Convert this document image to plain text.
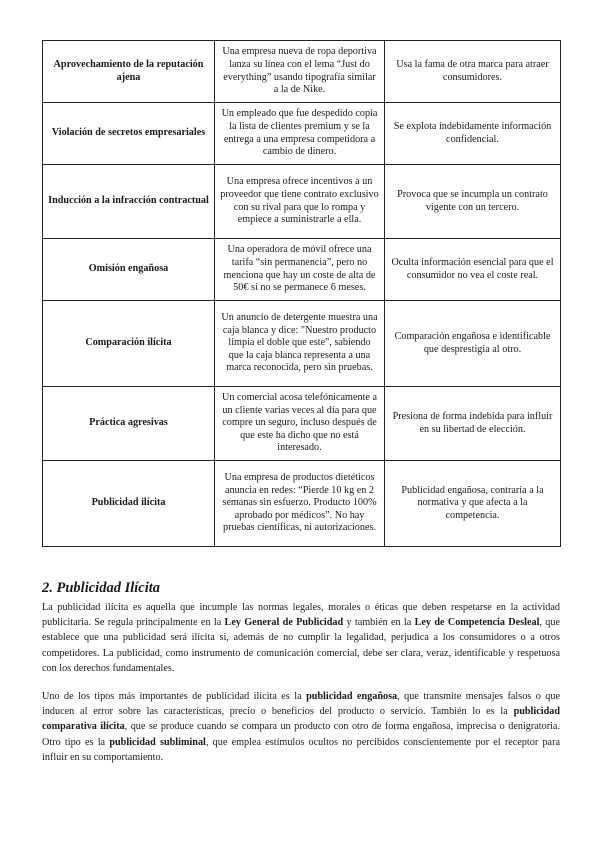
Aprovechamiento de la reputación ajena	Una empresa nueva de ropa deportiva lanza su línea con el lema “Just do everything” usando tipografía similar a la de Nike.	Usa la fama de otra marca para atraer consumidores.
Violación de secretos empresariales	Un empleado que fue despedido copia la lista de clientes premium y se la entrega a una empresa competidora a cambio de dinero.	Se explota indebidamente información confidencial.
Inducción a la infracción contractual	Una empresa ofrece incentivos a un proveedor que tiene contrato exclusivo con su rival para que lo rompa y empiece a suministrarle a ella.	Provoca que se incumpla un contrato vigente con un tercero.
Omisión engañosa	Una operadora de móvil ofrece una tarifa “sin permanencia”, pero no menciona que hay un coste de alta de 50€ si no se permanece 6 meses.	Oculta información esencial para que el consumidor no vea el coste real.
Comparación ilícita	Un anuncio de detergente muestra una caja blanca y dice: "Nuestro producto limpia el doble que este", sabiendo que la caja blanca representa a una marca reconocida, pero sin pruebas.	Comparación engañosa e identificable que desprestigia al otro.
Práctica agresivas	Un comercial acosa telefónicamente a un cliente varias veces al día para que compre un seguro, incluso después de que este ha dicho que no está interesado.	Presiona de forma indebida para influir en su libertad de elección.
Publicidad ilícita	Una empresa de productos dietéticos anuncia en redes: “Pierde 10 kg en 2 semanas sin esfuerzo. Producto 100% aprobado por médicos”. No hay pruebas científicas, ni autorizaciones.	Publicidad engañosa, contraria a la normativa y que afecta a la competencia.
2. Publicidad Ilícita

La publicidad ilícita es aquella que incumple las normas legales, morales o éticas que deben respetarse en la actividad publicitaria. Se regula principalmente en la Ley General de Publicidad y también en la Ley de Competencia Desleal, que establece que una publicidad será ilícita si, además de no cumplir la legalidad, perjudica a los consumidores o a otros competidores. La publicidad, como instrumento de comunicación comercial, debe ser clara, veraz, identificable y respetuosa con los derechos fundamentales.

Uno de los tipos más importantes de publicidad ilícita es la publicidad engañosa, que transmite mensajes falsos o que inducen al error sobre las características, precio o beneficios del producto o servicio. También lo es la publicidad comparativa ilícita, que se produce cuando se compara un producto con otro de forma engañosa, imprecisa o denigratoria. Otro tipo es la publicidad subliminal, que emplea estímulos ocultos no percibidos conscientemente por el receptor para influir en su comportamiento.
